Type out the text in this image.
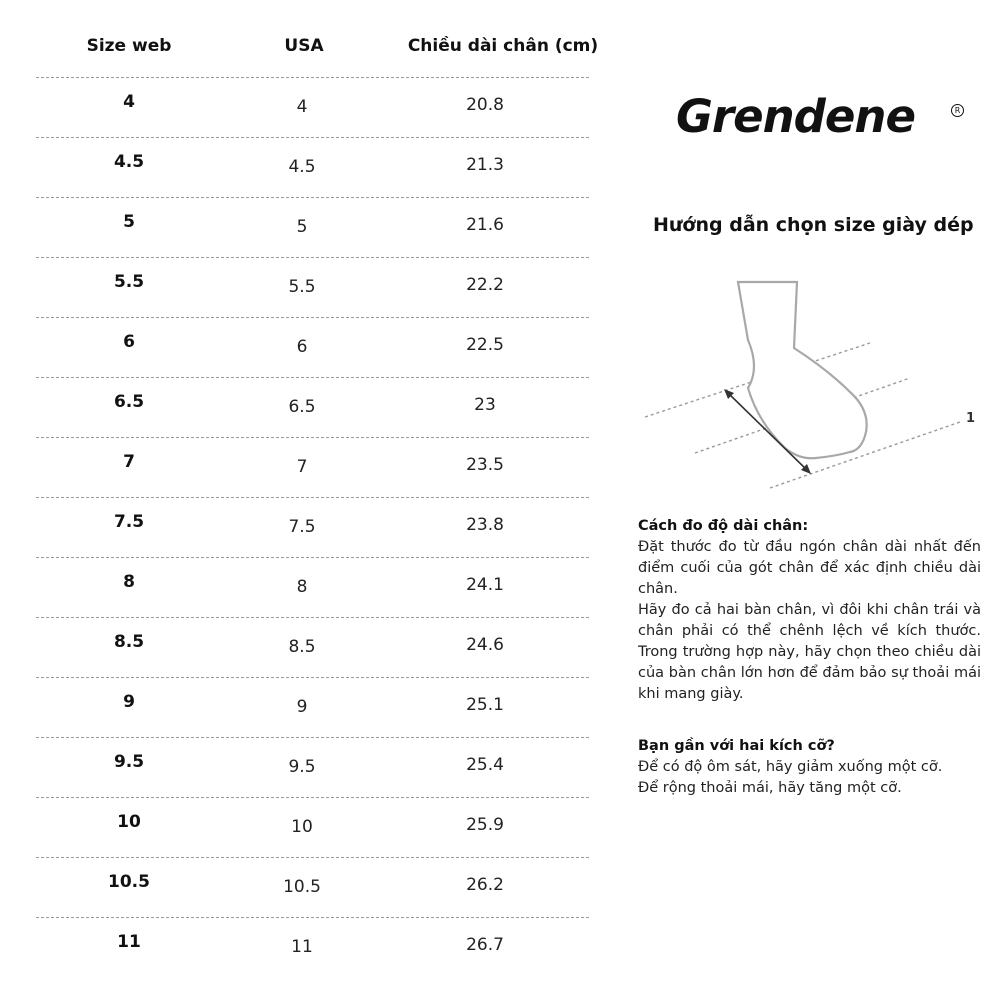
Size web	USA	Chiều dài chân (cm)
4	4	20.8
4.5	4.5	21.3
5	5	21.6
5.5	5.5	22.2
6	6	22.5
6.5	6.5	23
7	7	23.5
7.5	7.5	23.8
8	8	24.1
8.5	8.5	24.6
9	9	25.1
9.5	9.5	25.4
10	10	25.9
10.5	10.5	26.2
11	11	26.7
Grendene	R
Hướng dẫn chọn size giày dép
1
Cách đo độ dài chân:
Đặt thước đo từ đầu ngón chân dài nhất đến điểm cuối của gót chân để xác định chiều dài chân.
Hãy đo cả hai bàn chân, vì đôi khi chân trái và chân phải có thể chênh lệch về kích thước. Trong trường hợp này, hãy chọn theo chiều dài của bàn chân lớn hơn để đảm bảo sự thoải mái khi mang giày.
Bạn gần với hai kích cỡ?
Để có độ ôm sát, hãy giảm xuống một cỡ.
Để rộng thoải mái, hãy tăng một cỡ.
